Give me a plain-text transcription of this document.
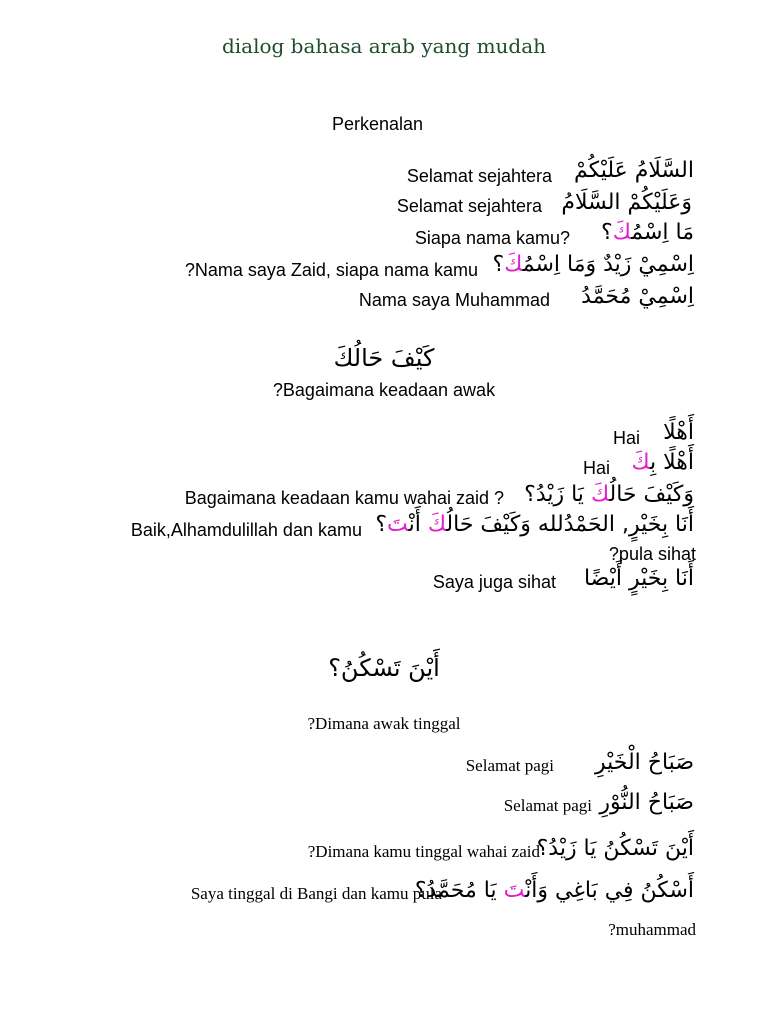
dialog bahasa arab yang mudah
Perkenalan
السَّلَامُ عَلَيْكُمْ
Selamat sejahtera
وَعَلَيْكُمْ السَّلَامُ
Selamat sejahtera
مَا اِسْمُكَ؟
Siapa nama kamu?
اِسْمِيْ زَيْدٌ وَمَا اِسْمُكَ؟
?Nama saya Zaid, siapa nama kamu
اِسْمِيْ مُحَمَّدُ
Nama saya Muhammad
كَيْفَ حَالُكَ
?Bagaimana keadaan awak
أَهْلًا
Hai
أَهْلًا بِكَ
Hai
وَكَيْفَ حَالُكَ يَا زَيْدُ؟
Bagaimana keadaan kamu wahai zaid ?
أَنَا بِخَيْرٍ, الحَمْدُلله وَكَيْفَ حَالُكَ أَنْتَ؟
Baik,Alhamdulillah dan kamu
?pula sihat
أَنَا بِخَيْرٍ أَيْضًا
Saya juga sihat
أَيْنَ تَسْكُنُ؟
?Dimana awak tinggal
صَبَاحُ الْخَيْرِ
Selamat pagi
صَبَاحُ النُّوْرِ
Selamat pagi
أَيْنَ تَسْكُنُ يَا زَيْدُ؟
?Dimana kamu tinggal wahai zaid
أَسْكُنُ فِي بَاغِي وَأَنْتَ يَا مُحَمَّدُ؟
Saya tinggal di Bangi dan kamu pula
?muhammad
